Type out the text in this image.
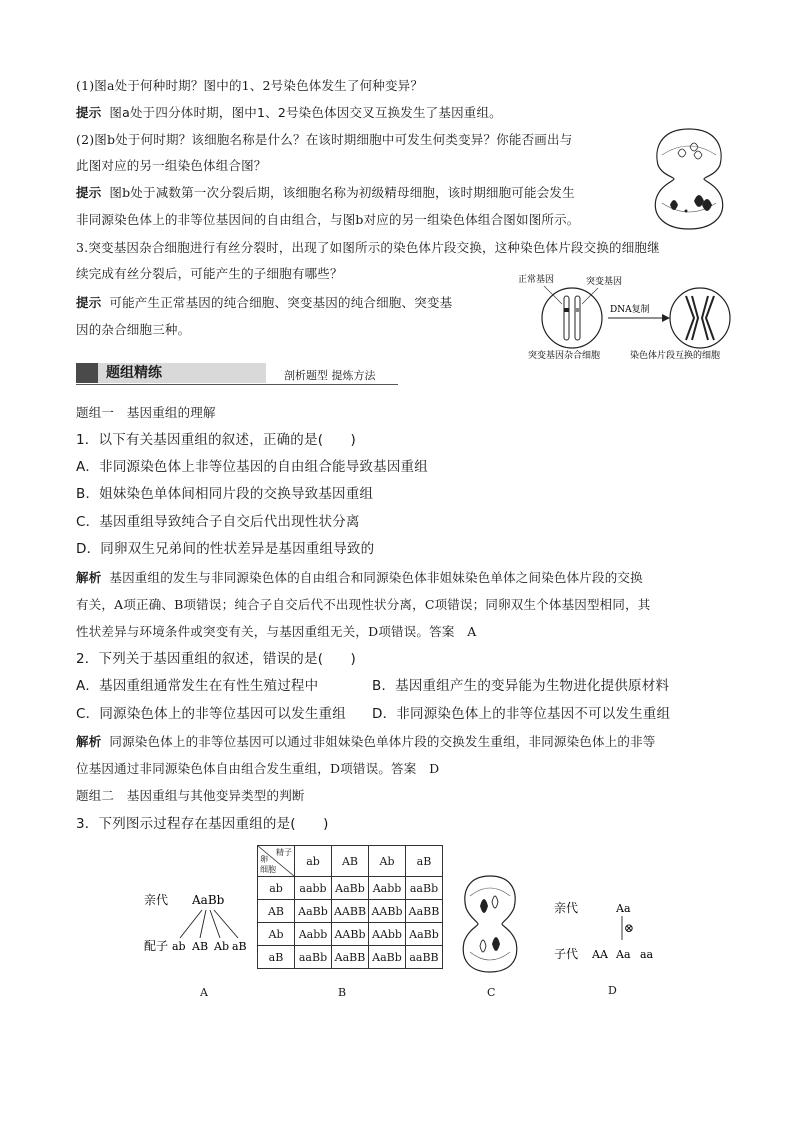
(1)图a处于何种时期？图中的1、2号染色体发生了何种变异？
提示 图a处于四分体时期，图中1、2号染色体因交叉互换发生了基因重组。
(2)图b处于何时期？该细胞名称是什么？在该时期细胞中可发生何类变异？你能否画出与
此图对应的另一组染色体组合图？
提示 图b处于减数第一次分裂后期，该细胞名称为初级精母细胞，该时期细胞可能会发生
非同源染色体上的非等位基因间的自由组合，与图b对应的另一组染色体组合图如图所示。
3.突变基因杂合细胞进行有丝分裂时，出现了如图所示的染色体片段交换，这种染色体片段交换的细胞继
续完成有丝分裂后，可能产生的子细胞有哪些？
提示 可能产生正常基因的纯合细胞、突变基因的纯合细胞、突变基
因的杂合细胞三种。
正常基因	突变基因
DNA复制
突变基因杂合细胞	染色体片段互换的细胞
题组精练	剖析题型 提炼方法
题组一　基因重组的理解
1．以下有关基因重组的叙述，正确的是(　　)
A．非同源染色体上非等位基因的自由组合能导致基因重组
B．姐妹染色单体间相同片段的交换导致基因重组
C．基因重组导致纯合子自交后代出现性状分离
D．同卵双生兄弟间的性状差异是基因重组导致的
解析 基因重组的发生与非同源染色体的自由组合和同源染色体非姐妹染色单体之间染色体片段的交换
有关，A项正确、B项错误；纯合子自交后代不出现性状分离，C项错误；同卵双生个体基因型相同，其
性状差异与环境条件或突变有关，与基因重组无关，D项错误。答案　A
2．下列关于基因重组的叙述，错误的是(　　)
A．基因重组通常发生在有性生殖过程中	B．基因重组产生的变异能为生物进化提供原材料
C．同源染色体上的非等位基因可以发生重组 D．非同源染色体上的非等位基因不可以发生重组
解析 同源染色体上的非等位基因可以通过非姐妹染色单体片段的交换发生重组，非同源染色体上的非等
位基因通过非同源染色体自由组合发生重组，D项错误。答案　D
题组二　基因重组与其他变异类型的判断
3．下列图示过程存在基因重组的是(　　)
亲代 AaBb
配子 ab AB Ab aB
A
精子
卵
细胞	ab	AB	Ab	aB
ab	aabb	AaBb	Aabb	aaBb
AB	AaBb	AABB	AABb	AaBB
Ab	Aabb	AABb	AAbb	AaBb
aB	aaBb	AaBB	AaBb	aaBB
B	C
亲代	Aa
⊗
子代 AA Aa aa
D
